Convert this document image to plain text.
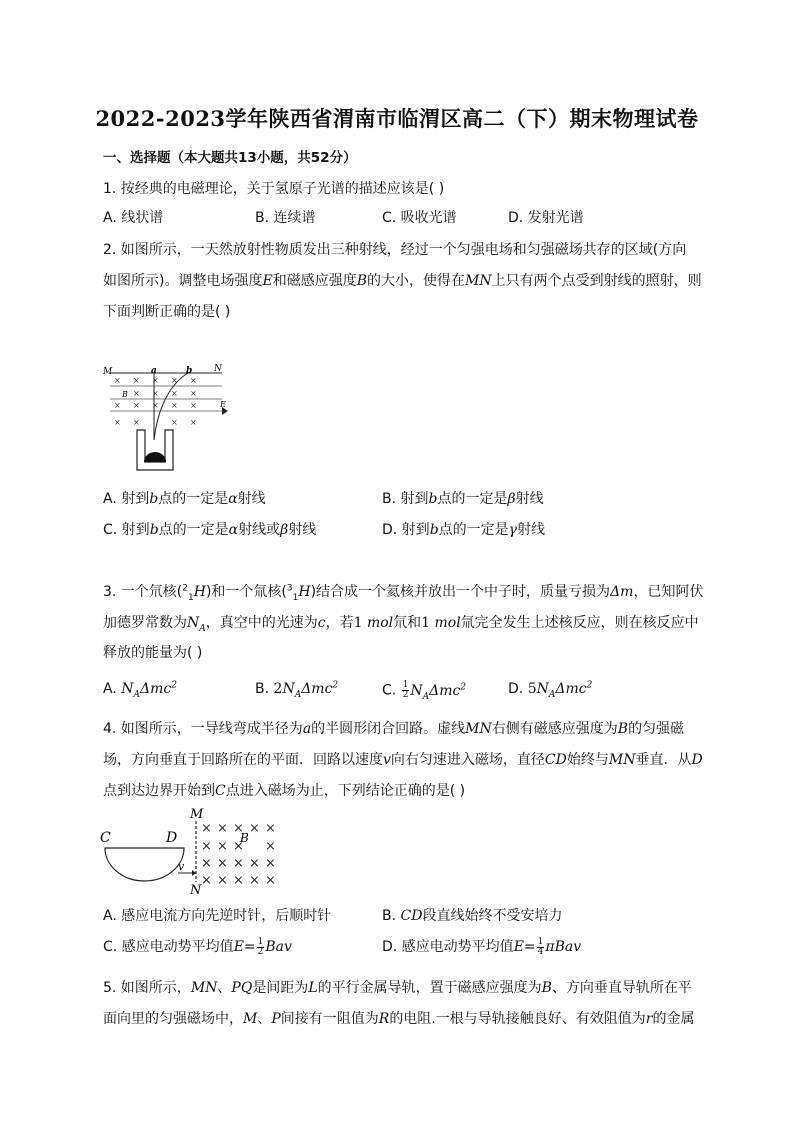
2022-2023学年陕西省渭南市临渭区高二（下）期末物理试卷
一、选择题（本大题共13小题，共52分）
1. 按经典的电磁理论，关于氢原子光谱的描述应该是( )
A. 线状谱	B. 连续谱	C. 吸收光谱	D. 发射光谱
2. 如图所示，一天然放射性物质发出三种射线，经过一个匀强电场和匀强磁场共存的区域(方向
如图所示)。调整电场强度E和磁感应强度B的大小，使得在MN上只有两个点受到射线的照射，则
下面判断正确的是( )
M	N
a	b
B
E
× × × × ×
× × × ×
× × × × ×
× ×	× ×
A. 射到b点的一定是α射线	B. 射到b点的一定是β射线
C. 射到b点的一定是α射线或β射线	D. 射到b点的一定是γ射线
3. 一个氘核($^2_1$H)和一个氚核($^3_1$H)结合成一个氦核并放出一个中子时，质量亏损为Δm，已知阿伏
加德罗常数为$N_A$，真空中的光速为c，若1 mol氘和1 mol氚完全发生上述核反应，则在核反应中
释放的能量为( )
A. $N_A\Delta mc^2$	B. $2N_A\Delta mc^2$	C. $\frac{1}{2} N_A\Delta mc^2$	D. $5N_A\Delta mc^2$
4. 如图所示，一导线弯成半径为a的半圆形闭合回路。虚线MN右侧有磁感应强度为B的匀强磁
场，方向垂直于回路所在的平面．回路以速度v向右匀速进入磁场，直径CD始终与MN垂直．从D
点到达边界开始到C点进入磁场为止，下列结论正确的是( )
M
N
C	D
v
B
× × × × ×
× × × ×
× × × × ×
× × × × ×
A. 感应电流方向先逆时针，后顺时针	B. CD段直线始终不受安培力
C. 感应电动势平均值$E= \frac{1}{2}$ Bav	D. 感应电动势平均值$E= \frac{1}{4}$ πBav
5. 如图所示，MN、PQ是间距为L的平行金属导轨，置于磁感应强度为B、方向垂直导轨所在平
面向里的匀强磁场中，M、P间接有一阻值为R的电阻.一根与导轨接触良好、有效阻值为r的金属
